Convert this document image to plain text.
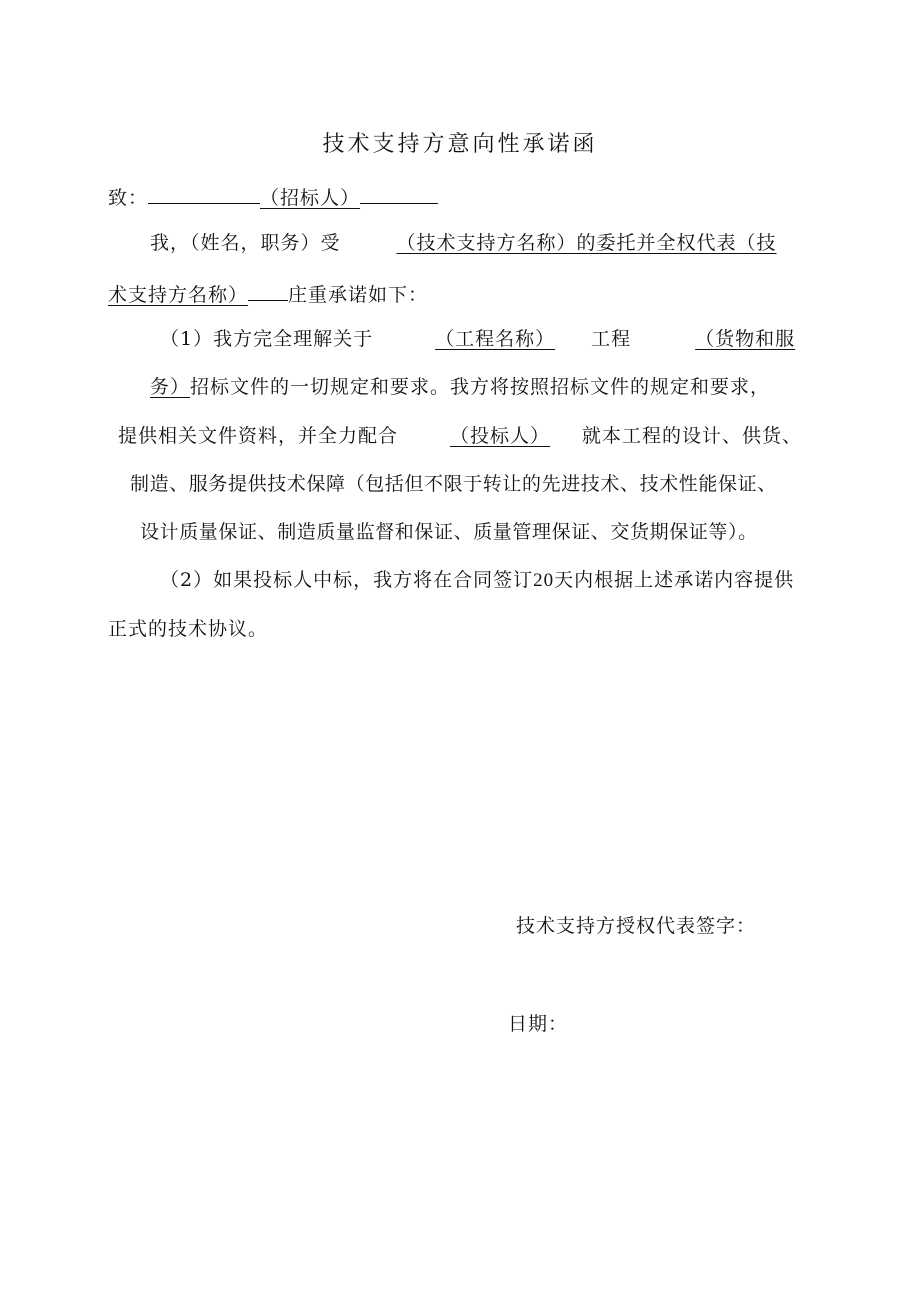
技术支持方意向性承诺函
致：	（招标人）
我，（姓名，职务）受	（技术支持方名称）的委托并全权代表（技
术支持方名称） 庄重承诺如下：
（1）我方完全理解关于	（工程名称） 工程	（货物和服
务）招标文件的一切规定和要求。我方将按照招标文件的规定和要求，
提供相关文件资料，并全力配合	（投标人） 就本工程的设计、供货、
制造、服务提供技术保障（包括但不限于转让的先进技术、技术性能保证、
设计质量保证、制造质量监督和保证、质量管理保证、交货期保证等）。
（2）如果投标人中标，我方将在合同签订20天内根据上述承诺内容提供
正式的技术协议。
技术支持方授权代表签字：
日期：
